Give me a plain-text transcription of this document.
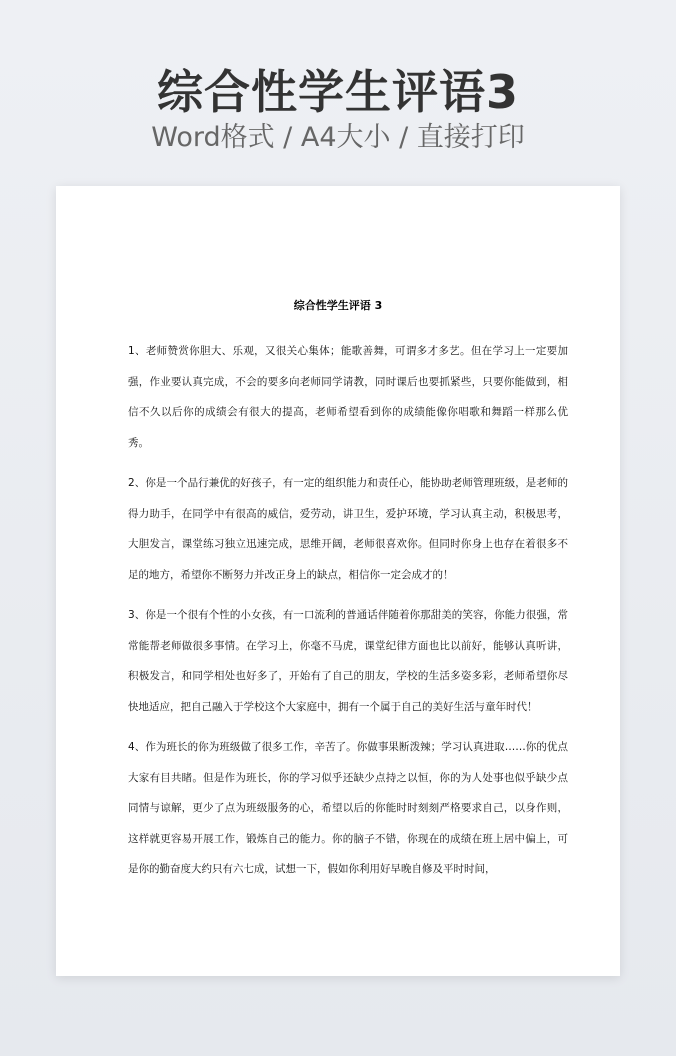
综合性学生评语3
Word格式 / A4大小 / 直接打印
综合性学生评语 3

1、老师赞赏你胆大、乐观，又很关心集体；能歌善舞，可谓多才多艺。但在学习上一定要加强，作业要认真完成，不会的要多向老师同学请教，同时课后也要抓紧些，只要你能做到，相信不久以后你的成绩会有很大的提高，老师希望看到你的成绩能像你唱歌和舞蹈一样那么优秀。

2、你是一个品行兼优的好孩子，有一定的组织能力和责任心，能协助老师管理班级，是老师的得力助手，在同学中有很高的威信，爱劳动，讲卫生，爱护环境，学习认真主动，积极思考，大胆发言，课堂练习独立迅速完成，思维开阔，老师很喜欢你。但同时你身上也存在着很多不足的地方，希望你不断努力并改正身上的缺点，相信你一定会成才的！

3、你是一个很有个性的小女孩，有一口流利的普通话伴随着你那甜美的笑容，你能力很强，常常能帮老师做很多事情。在学习上，你毫不马虎，课堂纪律方面也比以前好，能够认真听讲，积极发言，和同学相处也好多了，开始有了自己的朋友，学校的生活多姿多彩，老师希望你尽快地适应，把自己融入于学校这个大家庭中，拥有一个属于自己的美好生活与童年时代！

4、作为班长的你为班级做了很多工作，辛苦了。你做事果断泼辣；学习认真进取……你的优点大家有目共睹。但是作为班长，你的学习似乎还缺少点持之以恒，你的为人处事也似乎缺少点同情与谅解，更少了点为班级服务的心，希望以后的你能时时刻刻严格要求自己，以身作则，这样就更容易开展工作，锻炼自己的能力。你的脑子不错，你现在的成绩在班上居中偏上，可是你的勤奋度大约只有六七成，试想一下，假如你利用好早晚自修及平时时间，
